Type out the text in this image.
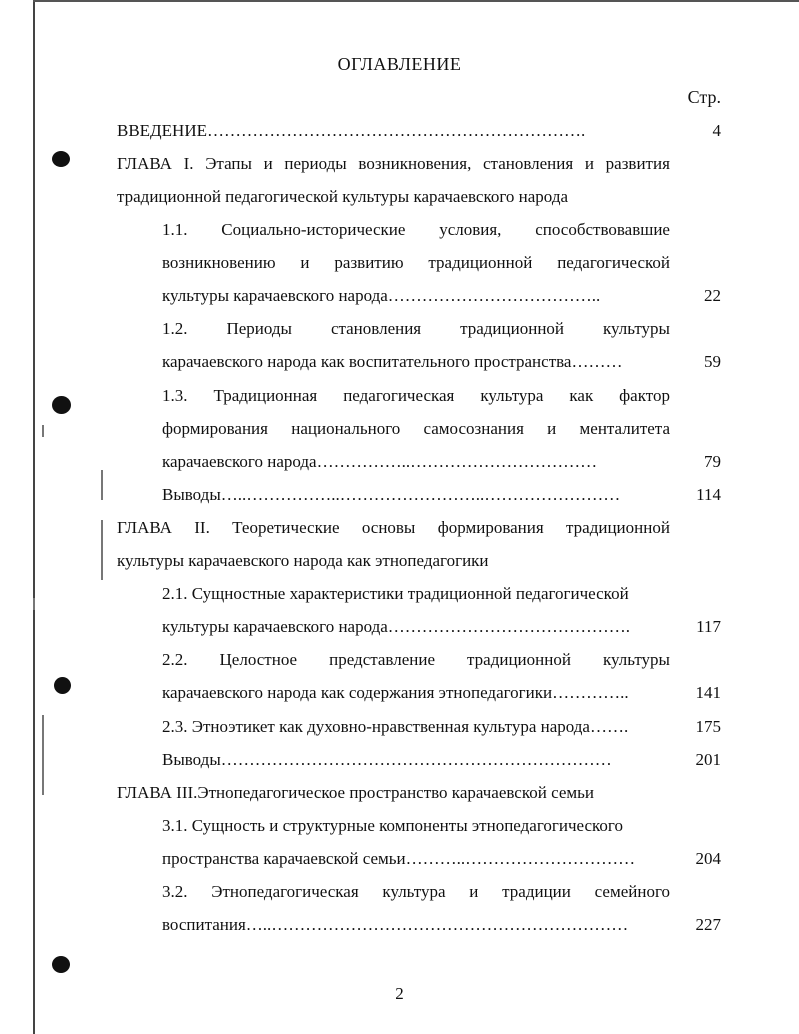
ОГЛАВЛЕНИЕ
Стр.
ВВЕДЕНИЕ………………………………………………………….	4
ГЛАВА I. Этапы и периоды возникновения, становления и развития
традиционной педагогической культуры карачаевского народа
1.1. Социально-исторические условия, способствовавшие
возникновению и развитию традиционной педагогической
культуры карачаевского народа………………………………..	22
1.2. Периоды становления традиционной культуры
карачаевского народа как воспитательного пространства………	59
1.3. Традиционная педагогическая культура как фактор
формирования национального самосознания и менталитета
карачаевского народа……………..……………………………	79
Выводы…..……………..……………………..……………………	114
ГЛАВА II. Теоретические основы формирования традиционной
культуры карачаевского народа как этнопедагогики
2.1. Сущностные характеристики традиционной педагогической
культуры карачаевского народа…………………………………….	117
2.2. Целостное представление традиционной культуры
карачаевского народа как содержания этнопедагогики…………..	141
2.3. Этноэтикет как духовно-нравственная культура народа…….	175
Выводы……………………………………………………………	201
ГЛАВА III.Этнопедагогическое пространство карачаевской семьи
3.1. Сущность и структурные компоненты этнопедагогического
пространства карачаевской семьи………..…………………………	204
3.2. Этнопедагогическая культура и традиции семейного
воспитания…..………………………………………………………	227
2
